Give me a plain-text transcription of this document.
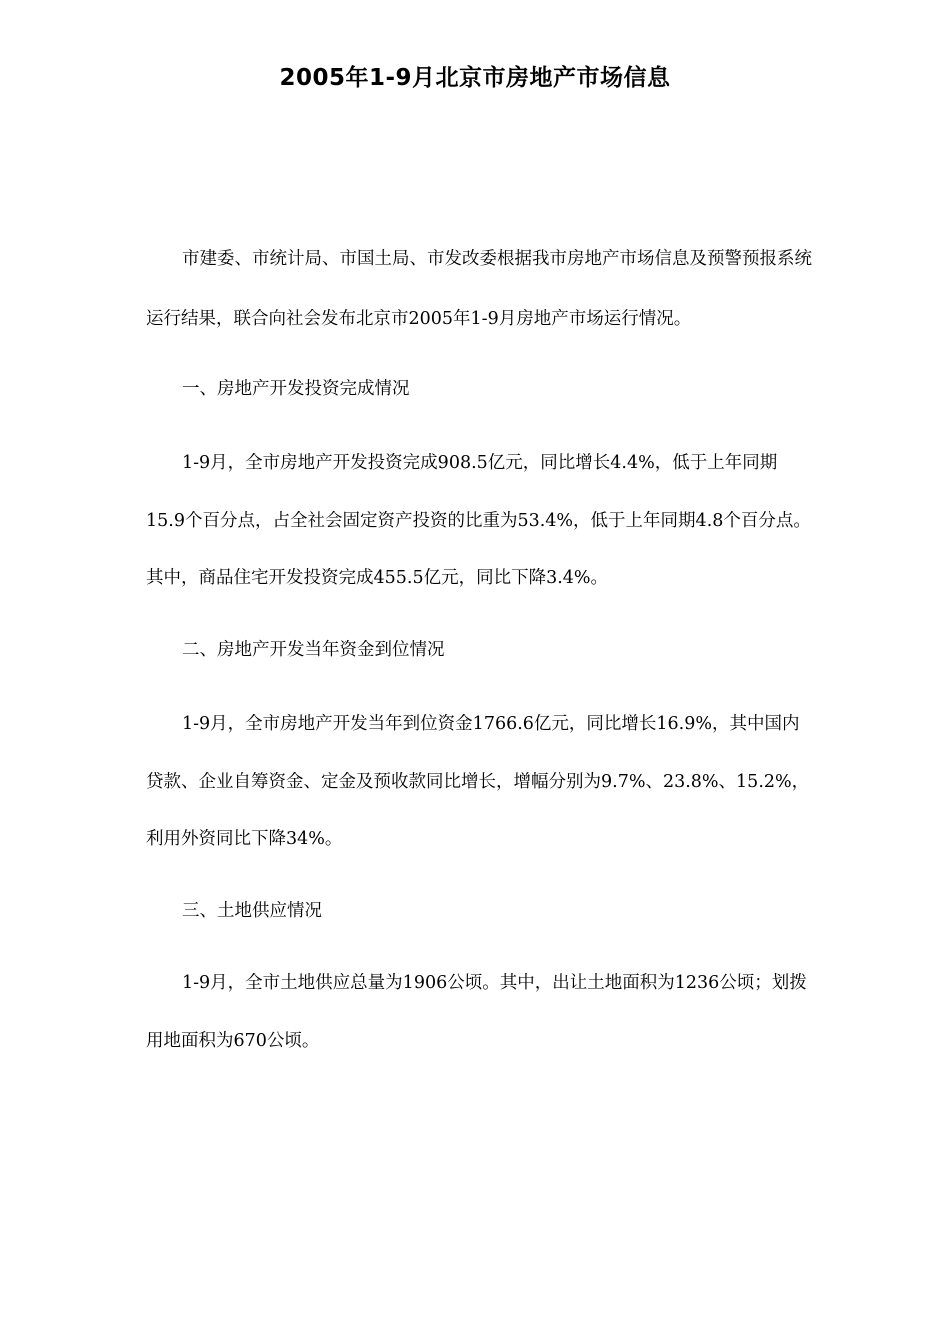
2005年1-9月北京市房地产市场信息
市建委、市统计局、市国土局、市发改委根据我市房地产市场信息及预警预报系统
运行结果，联合向社会发布北京市2005年1-9月房地产市场运行情况。
一、房地产开发投资完成情况
1-9月，全市房地产开发投资完成908.5亿元，同比增长4.4%，低于上年同期
15.9个百分点，占全社会固定资产投资的比重为53.4%，低于上年同期4.8个百分点。
其中，商品住宅开发投资完成455.5亿元，同比下降3.4%。
二、房地产开发当年资金到位情况
1-9月，全市房地产开发当年到位资金1766.6亿元，同比增长16.9%，其中国内
贷款、企业自筹资金、定金及预收款同比增长，增幅分别为9.7%、23.8%、15.2%，
利用外资同比下降34%。
三、土地供应情况
1-9月，全市土地供应总量为1906公顷。其中，出让土地面积为1236公顷；划拨
用地面积为670公顷。
